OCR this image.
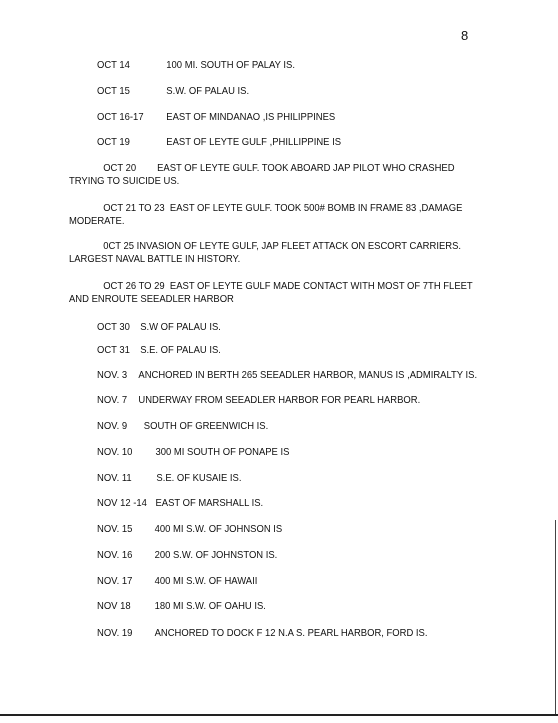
8
OCT 14	100 MI. SOUTH OF PALAY IS.
OCT 15	S.W. OF PALAU IS.
OCT 16-17 EAST OF MINDANAO ,IS PHILIPPINES
OCT 19	EAST OF LEYTE GULF ,PHILLIPPINE IS
OCT 20        EAST OF LEYTE GULF. TOOK ABOARD JAP PILOT WHO CRASHED
TRYING TO SUICIDE US.
OCT 21 TO 23  EAST OF LEYTE GULF. TOOK 500# BOMB IN FRAME 83 ,DAMAGE
MODERATE.
0CT 25 INVASION OF LEYTE GULF, JAP FLEET ATTACK ON ESCORT CARRIERS.
LARGEST NAVAL BATTLE IN HISTORY.
OCT 26 TO 29  EAST OF LEYTE GULF MADE CONTACT WITH MOST OF 7TH FLEET
AND ENROUTE SEEADLER HARBOR
OCT 30 S.W OF PALAU IS.
OCT 31 S.E. OF PALAU IS.
NOV. 3 ANCHORED IN BERTH 265 SEEADLER HARBOR, MANUS IS ,ADMIRALTY IS.
NOV. 7 UNDERWAY FROM SEEADLER HARBOR FOR PEARL HARBOR.
NOV. 9 SOUTH OF GREENWICH IS.
NOV. 10 300 MI SOUTH OF PONAPE IS
NOV. 11 S.E. OF KUSAIE IS.
NOV 12 -14 EAST OF MARSHALL IS.
NOV. 15 400 MI S.W. OF JOHNSON IS
NOV. 16 200 S.W. OF JOHNSTON IS.
NOV. 17 400 MI S.W. OF HAWAII
NOV 18 180 MI S.W. OF OAHU IS.
NOV. 19 ANCHORED TO DOCK F 12 N.A S. PEARL HARBOR, FORD IS.
